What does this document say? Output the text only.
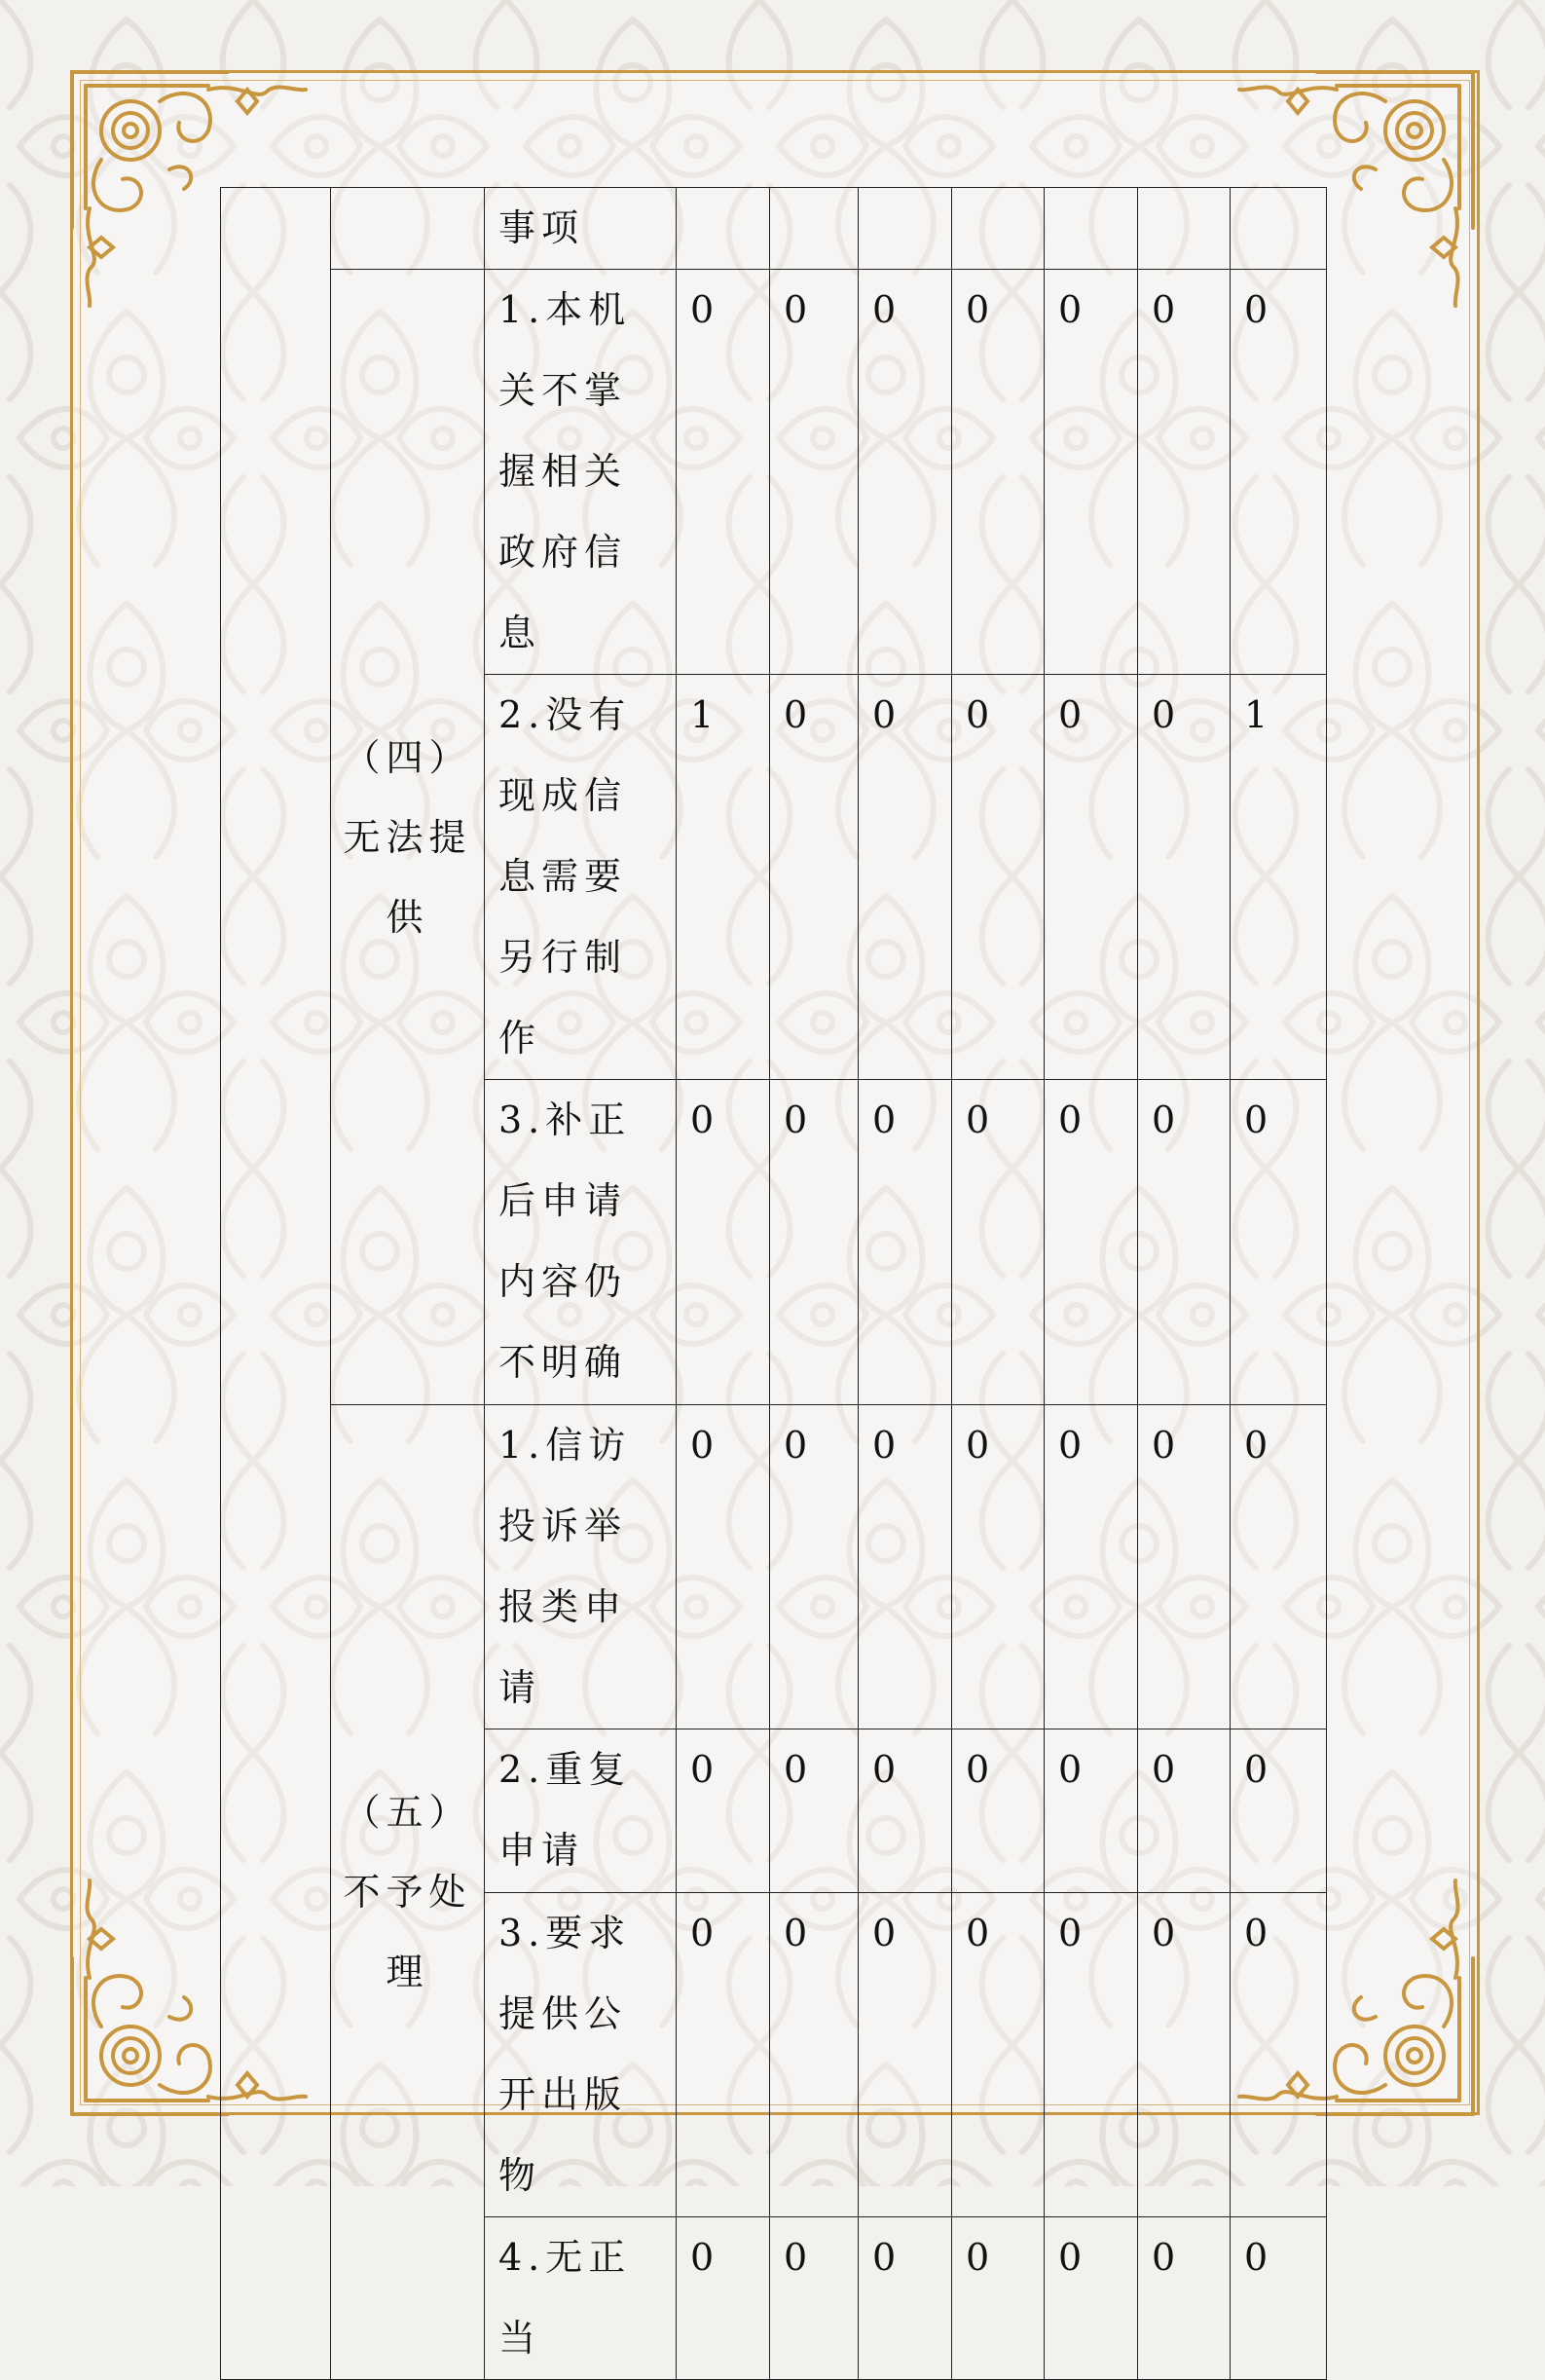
		事项							

	（四）无法提供	1.本机关不掌握相关政府信息	0	0	0	0	0	0	0

		2.没有现成信息需要另行制作	1	0	0	0	0	0	1

		3.补正后申请内容仍不明确	0	0	0	0	0	0	0

	（五）不予处理	1.信访投诉举报类申请	0	0	0	0	0	0	0

		2.重复申请	0	0	0	0	0	0	0

		3.要求提供公开出版物	0	0	0	0	0	0	0

		4.无正当	0	0	0	0	0	0	0
